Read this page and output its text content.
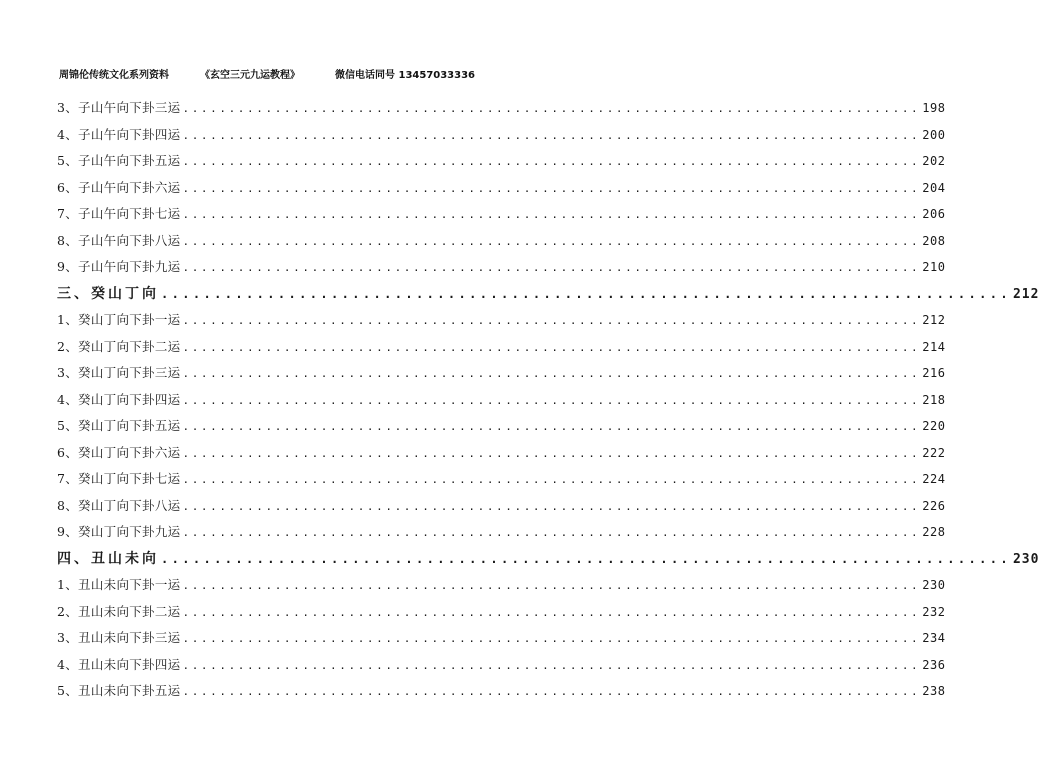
周锦伦传统文化系列资料	《玄空三元九运教程》	微信电话同号 13457033336
3、子山午向下卦三运 ................................................................................ 198
4、子山午向下卦四运 ................................................................................ 200
5、子山午向下卦五运 ................................................................................ 202
6、子山午向下卦六运 ................................................................................ 204
7、子山午向下卦七运 ................................................................................ 206
8、子山午向下卦八运 ................................................................................ 208
9、子山午向下卦九运 ................................................................................ 210
三、癸山丁向 ................................................................................ 212
1、癸山丁向下卦一运 ................................................................................ 212
2、癸山丁向下卦二运 ................................................................................ 214
3、癸山丁向下卦三运 ................................................................................ 216
4、癸山丁向下卦四运 ................................................................................ 218
5、癸山丁向下卦五运 ................................................................................ 220
6、癸山丁向下卦六运 ................................................................................ 222
7、癸山丁向下卦七运 ................................................................................ 224
8、癸山丁向下卦八运 ................................................................................ 226
9、癸山丁向下卦九运 ................................................................................ 228
四、丑山未向 ................................................................................ 230
1、丑山未向下卦一运 ................................................................................ 230
2、丑山未向下卦二运 ................................................................................ 232
3、丑山未向下卦三运 ................................................................................ 234
4、丑山未向下卦四运 ................................................................................ 236
5、丑山未向下卦五运 ................................................................................ 238
